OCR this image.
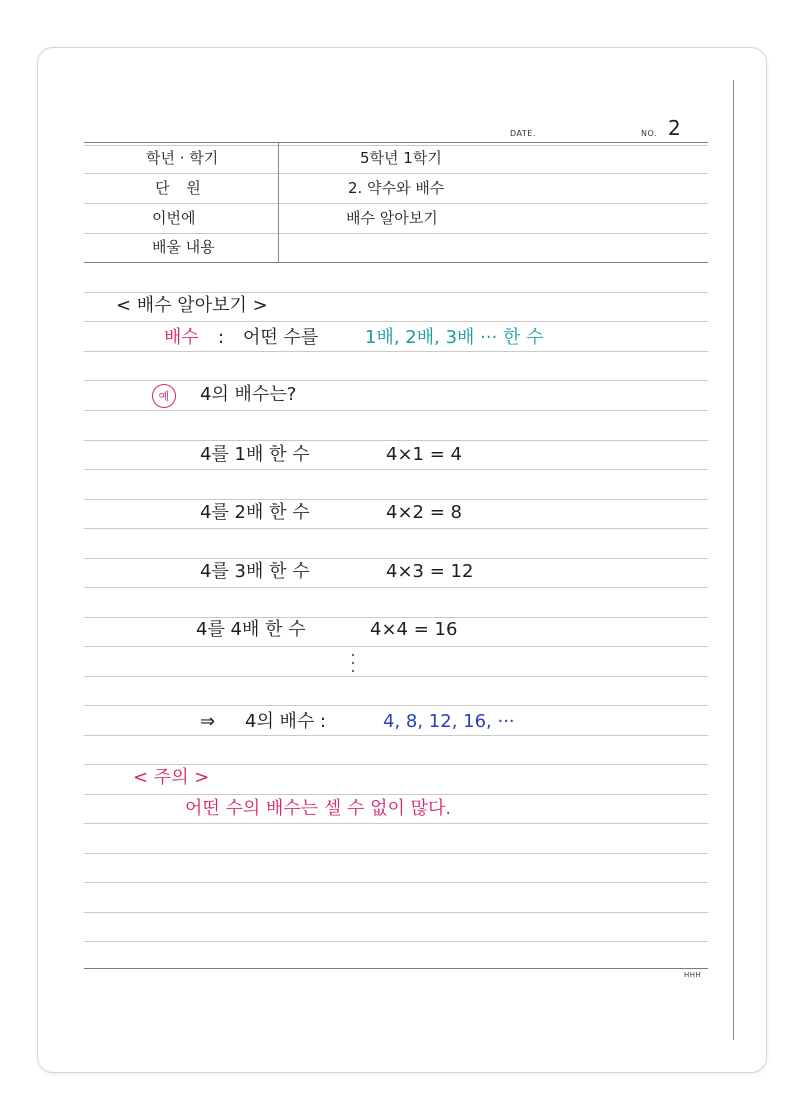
DATE.	NO. 2
학년 · 학기	5학년 1학기
단 원	2. 약수와 배수
이번에	배수 알아보기
배울 내용
< 배수 알아보기 >
배수 : 어떤 수를	1배, 2배, 3배 ··· 한 수
예	4의 배수는?
4를 1배 한 수	4×1 = 4
4를 2배 한 수	4×2 = 8
4를 3배 한 수	4×3 = 12
4를 4배 한 수	4×4 = 16
⇒ 4의 배수 :	4, 8, 12, 16, ···
< 주의 >
어떤 수의 배수는 셀 수 없이 많다.
HHH
